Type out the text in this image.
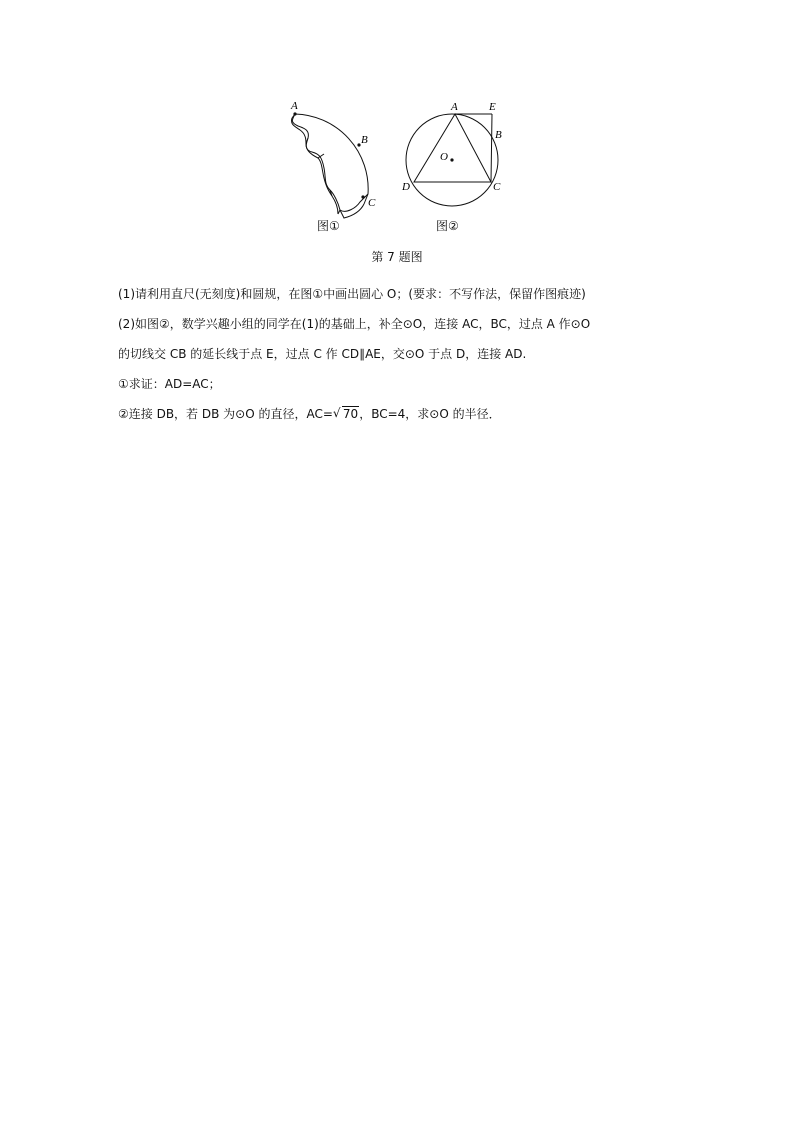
A
B
C
A	E
B
O
D	C
图①	图②
第 7 题图

(1)请利用直尺(无刻度)和圆规，在图①中画出圆心 O；(要求：不写作法，保留作图痕迹)

(2)如图②，数学兴趣小组的同学在(1)的基础上，补全⊙O，连接 AC，BC，过点 A 作⊙O

的切线交 CB 的延长线于点 E，过点 C 作 CD∥AE，交⊙O 于点 D，连接 AD.

①求证：AD=AC；

②连接 DB，若 DB 为⊙O 的直径，AC= √ 70，BC=4，求⊙O 的半径．
